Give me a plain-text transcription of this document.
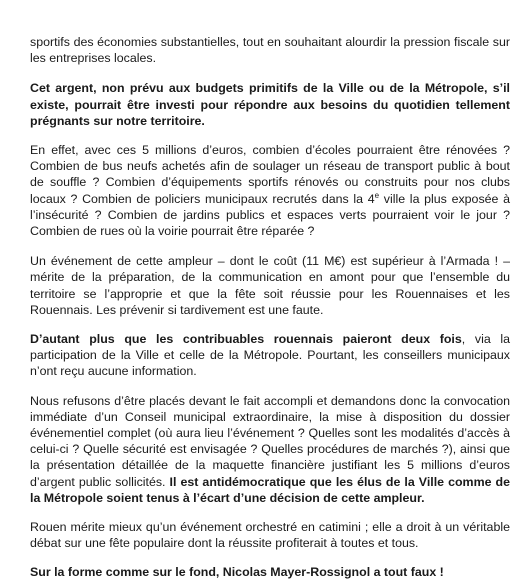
sportifs des économies substantielles, tout en souhaitant alourdir la pression fiscale sur les entreprises locales.

Cet argent, non prévu aux budgets primitifs de la Ville ou de la Métropole, s’il existe, pourrait être investi pour répondre aux besoins du quotidien tellement prégnants sur notre territoire.

En effet, avec ces 5 millions d’euros, combien d’écoles pourraient être rénovées ? Combien de bus neufs achetés afin de soulager un réseau de transport public à bout de souffle ? Combien d’équipements sportifs rénovés ou construits pour nos clubs locaux ? Combien de policiers municipaux recrutés dans la 4e ville la plus exposée à l’insécurité ? Combien de jardins publics et espaces verts pourraient voir le jour ? Combien de rues où la voirie pourrait être réparée ?

Un événement de cette ampleur – dont le coût (11 M€) est supérieur à l’Armada ! – mérite de la préparation, de la communication en amont pour que l’ensemble du territoire se l’approprie et que la fête soit réussie pour les Rouennaises et les Rouennais. Les prévenir si tardivement est une faute.

D’autant plus que les contribuables rouennais paieront deux fois, via la participation de la Ville et celle de la Métropole. Pourtant, les conseillers municipaux n’ont reçu aucune information.

Nous refusons d’être placés devant le fait accompli et demandons donc la convocation immédiate d’un Conseil municipal extraordinaire, la mise à disposition du dossier événementiel complet (où aura lieu l’événement ? Quelles sont les modalités d’accès à celui-ci ? Quelle sécurité est envisagée ? Quelles procédures de marchés ?), ainsi que la présentation détaillée de la maquette financière justifiant les 5 millions d’euros d’argent public sollicités. Il est antidémocratique que les élus de la Ville comme de la Métropole soient tenus à l’écart d’une décision de cette ampleur.

Rouen mérite mieux qu’un événement orchestré en catimini ; elle a droit à un véritable débat sur une fête populaire dont la réussite profiterait à toutes et tous.

Sur la forme comme sur le fond, Nicolas Mayer-Rossignol a tout faux !
